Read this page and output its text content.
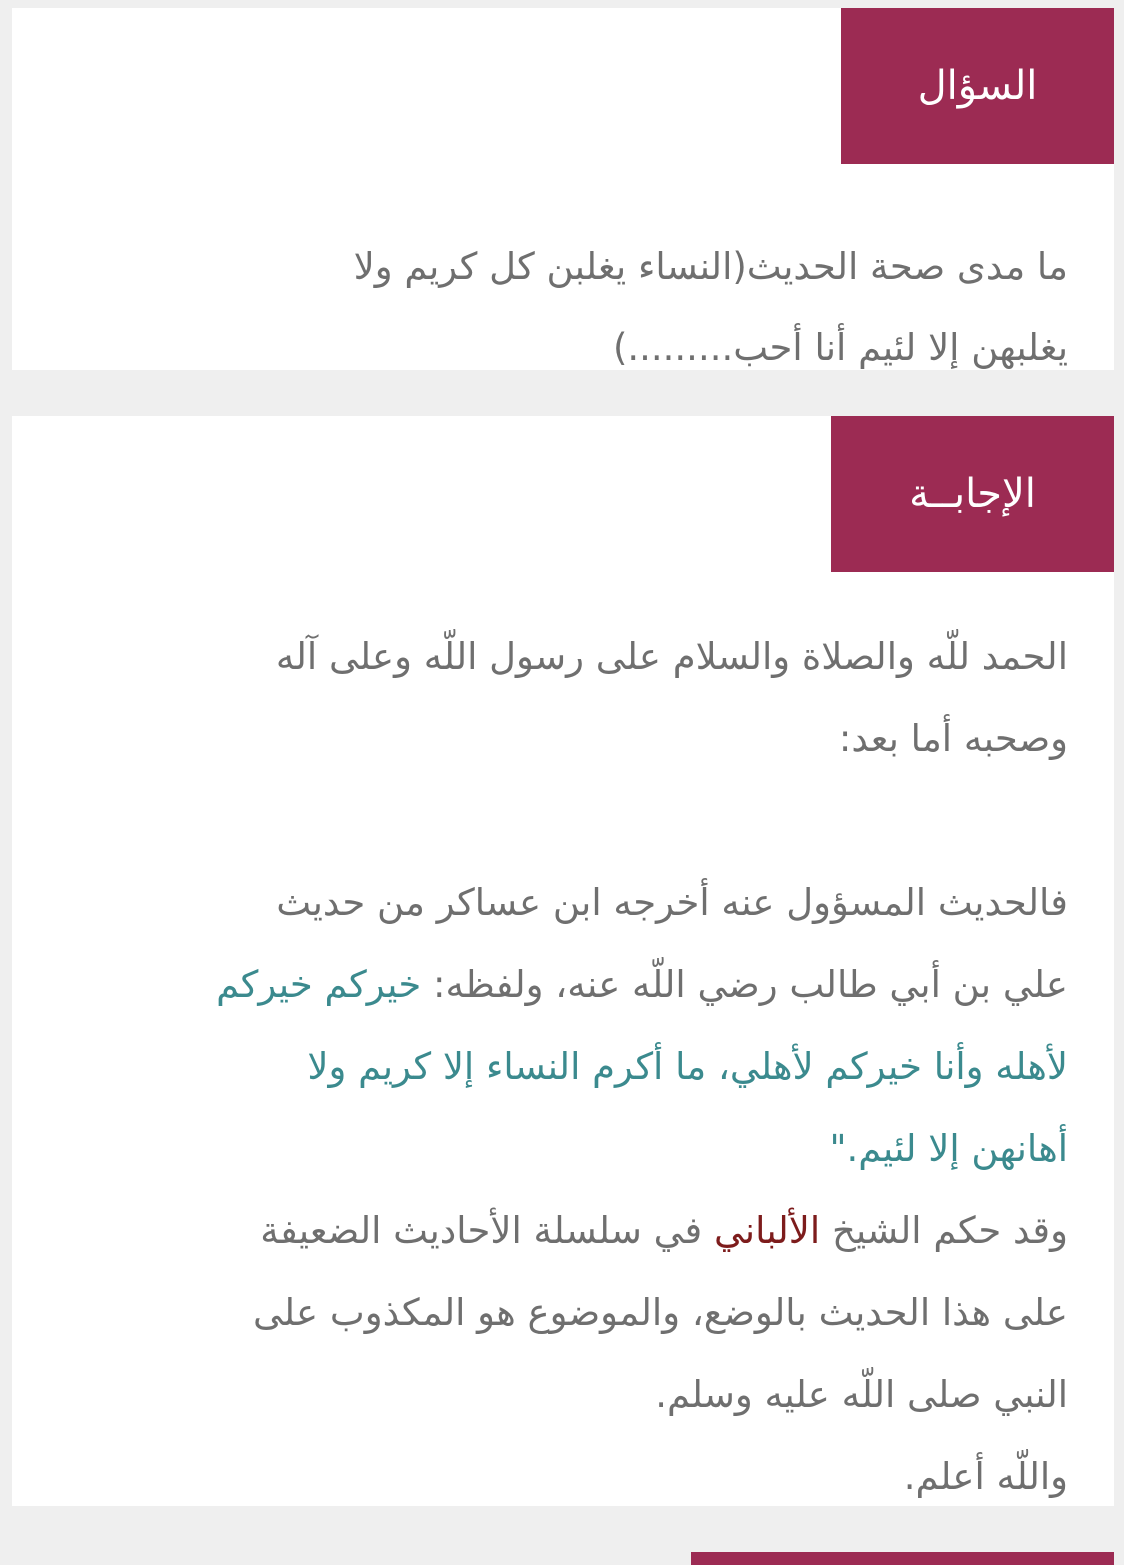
السؤال
ما مدى صحة الحديث(النساء يغلبن كل كريم ولا
يغلبهن إلا لئيم أنا أحب.........)
الإجابــة
الحمد للّه والصلاة والسلام على رسول اللّه وعلى آله
وصحبه أما بعد:
فالحديث المسؤول عنه أخرجه ابن عساكر من حديث
علي بن أبي طالب رضي اللّه عنه، ولفظه: خيركم خيركم
لأهله وأنا خيركم لأهلي، ما أكرم النساء إلا كريم ولا
أهانهن إلا لئيم."
وقد حكم الشيخ الألباني في سلسلة الأحاديث الضعيفة
على هذا الحديث بالوضع، والموضوع هو المكذوب على
النبي صلى اللّه عليه وسلم.
واللّه أعلم.
